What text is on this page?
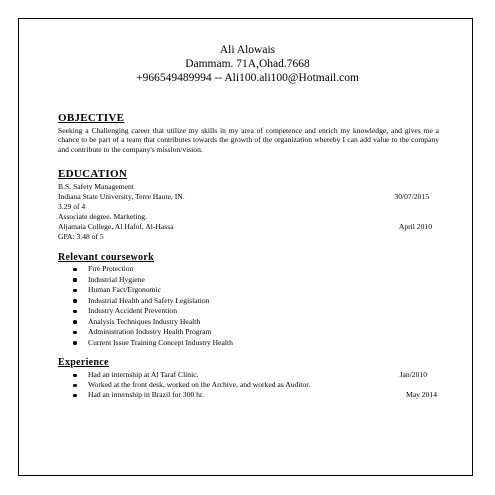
Ali Alowais
Dammam. 71A,Ohad.7668
+966549489994 -- Ali100.ali100@Hotmail.com
OBJECTIVE
Seeking a Challenging career that utilize my skills in my area of competence and enrich my knowledge, and gives me a chance to be part of a team that contributes towards the growth of the organization whereby I can add value to the company and contribute to the company's mission/vision.
EDUCATION
B.S. Safety Management
Indiana State University, Terre Haute, IN.	30/07/2015
3.29 of 4
Associate degree. Marketing.
Aljamaia College, Al Hafof, Al-Hassa	April 2010
GPA: 3.48 of 5
Relevant coursework
Fire Protection
Industrial Hygiene
Human Fact/Ergonomic
Industrial Health and Safety Legislation
Industry Accident Prevention
Analysis Techniques Industry Health
Administration Industry Health Program
Current Issue Training Concept Industry Health
Experience
Had an internship at Al Taraf Clinic.
Worked at the front desk, worked on the Archive, and worked as Auditor.
Had an internship in Brazil for 300 hr.
Jan/2010
May 2014
